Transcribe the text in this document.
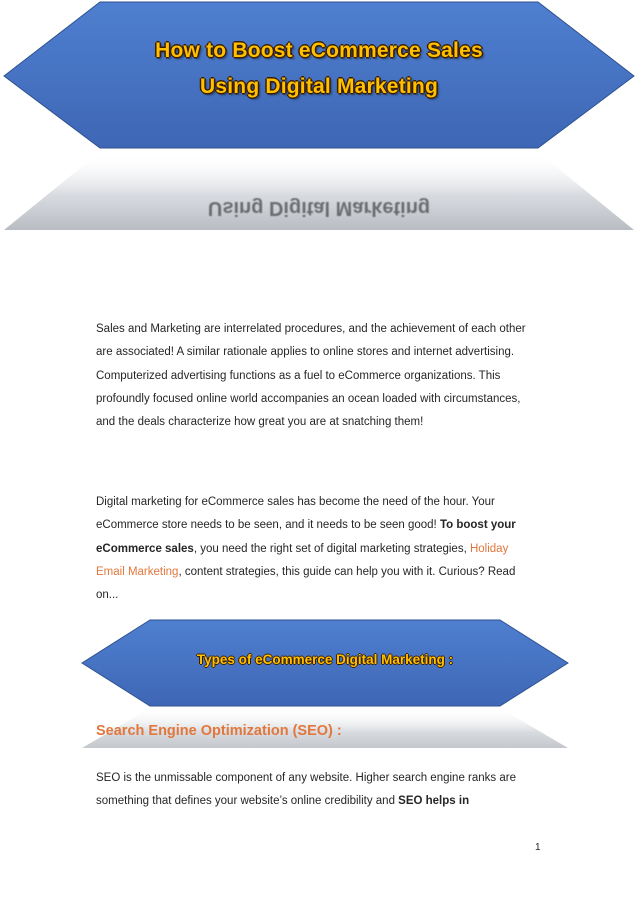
How to Boost eCommerce Sales
Using Digital Marketing
Using Digital Marketing
Sales and Marketing are interrelated procedures, and the achievement of each other are associated! A similar rationale applies to online stores and internet advertising. Computerized advertising functions as a fuel to eCommerce organizations. This profoundly focused online world accompanies an ocean loaded with circumstances, and the deals characterize how great you are at snatching them!
Digital marketing for eCommerce sales has become the need of the hour. Your eCommerce store needs to be seen, and it needs to be seen good! To boost your eCommerce sales, you need the right set of digital marketing strategies, Holiday Email Marketing, content strategies, this guide can help you with it. Curious? Read on...
Types of eCommerce Digital Marketing :
Search Engine Optimization (SEO) :
SEO is the unmissable component of any website. Higher search engine ranks are something that defines your website’s online credibility and SEO helps in
1
